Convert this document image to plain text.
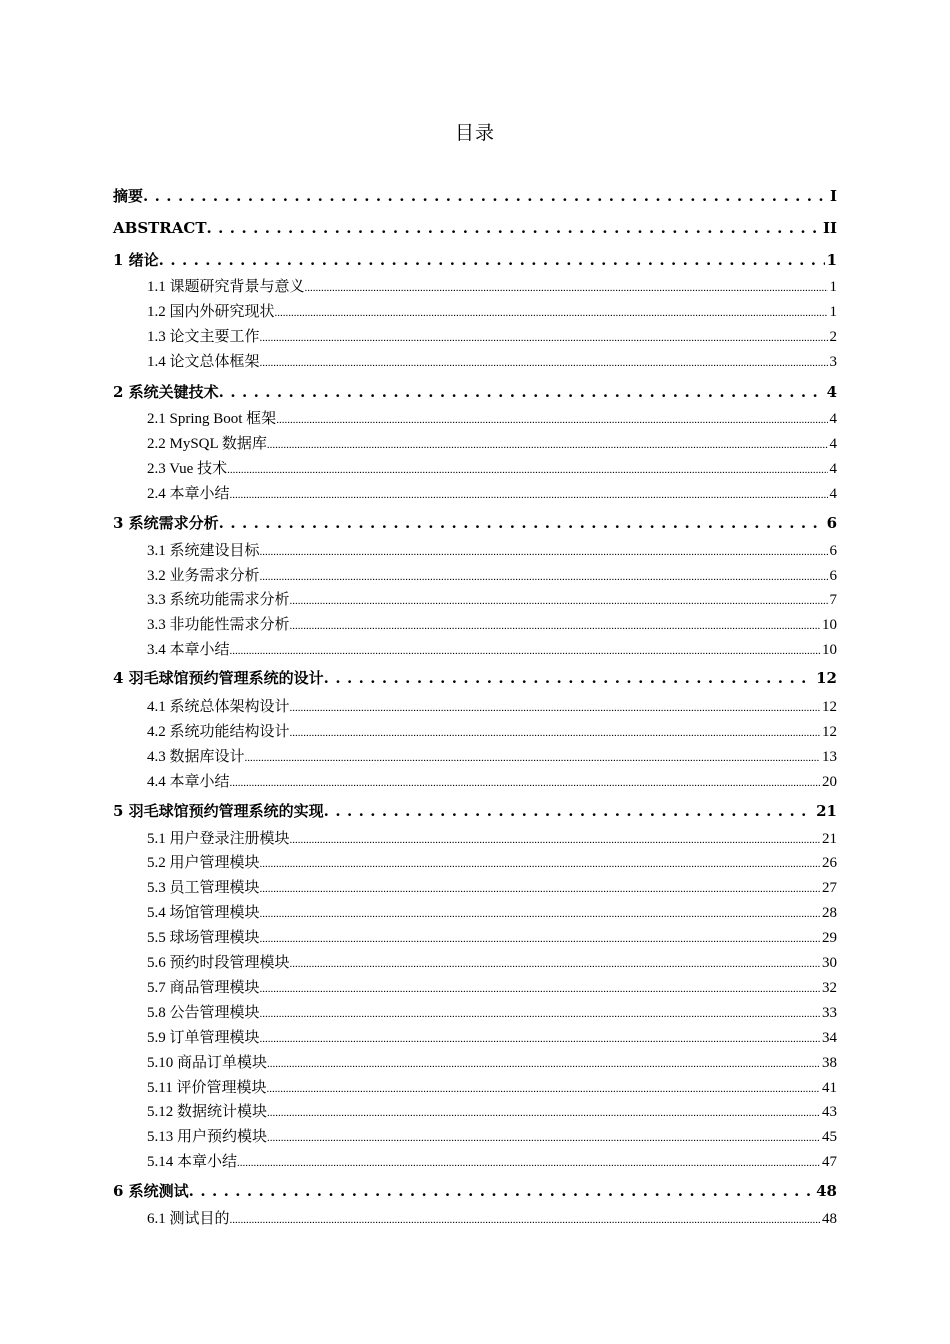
目录
摘要 . . .	I
ABSTRACT . . .	II
1 绪论 . . .	1
1.1 课题研究背景与意义 .....	1
1.2 国内外研究现状 .....	1
1.3 论文主要工作 .....	2
1.4 论文总体框架 .....	3
2 系统关键技术 . . .	4
2.1 Spring Boot 框架 .....	4
2.2 MySQL 数据库 .....	4
2.3 Vue 技术 .....	4
2.4 本章小结 .....	4
3 系统需求分析 . . .	6
3.1 系统建设目标 .....	6
3.2 业务需求分析 .....	6
3.3 系统功能需求分析 .....	7
3.3 非功能性需求分析 .....	10
3.4 本章小结 .....	10
4 羽毛球馆预约管理系统的设计 . . .	12
4.1 系统总体架构设计 .....	12
4.2 系统功能结构设计 .....	12
4.3 数据库设计 .....	13
4.4 本章小结 .....	20
5 羽毛球馆预约管理系统的实现 . . .	21
5.1 用户登录注册模块 .....	21
5.2 用户管理模块 .....	26
5.3 员工管理模块 .....	27
5.4 场馆管理模块 .....	28
5.5 球场管理模块 .....	29
5.6 预约时段管理模块 .....	30
5.7 商品管理模块 .....	32
5.8 公告管理模块 .....	33
5.9 订单管理模块 .....	34
5.10 商品订单模块 .....	38
5.11 评价管理模块 .....	41
5.12 数据统计模块 .....	43
5.13 用户预约模块 .....	45
5.14 本章小结 .....	47
6 系统测试 . . .	48
6.1 测试目的 .....	48
